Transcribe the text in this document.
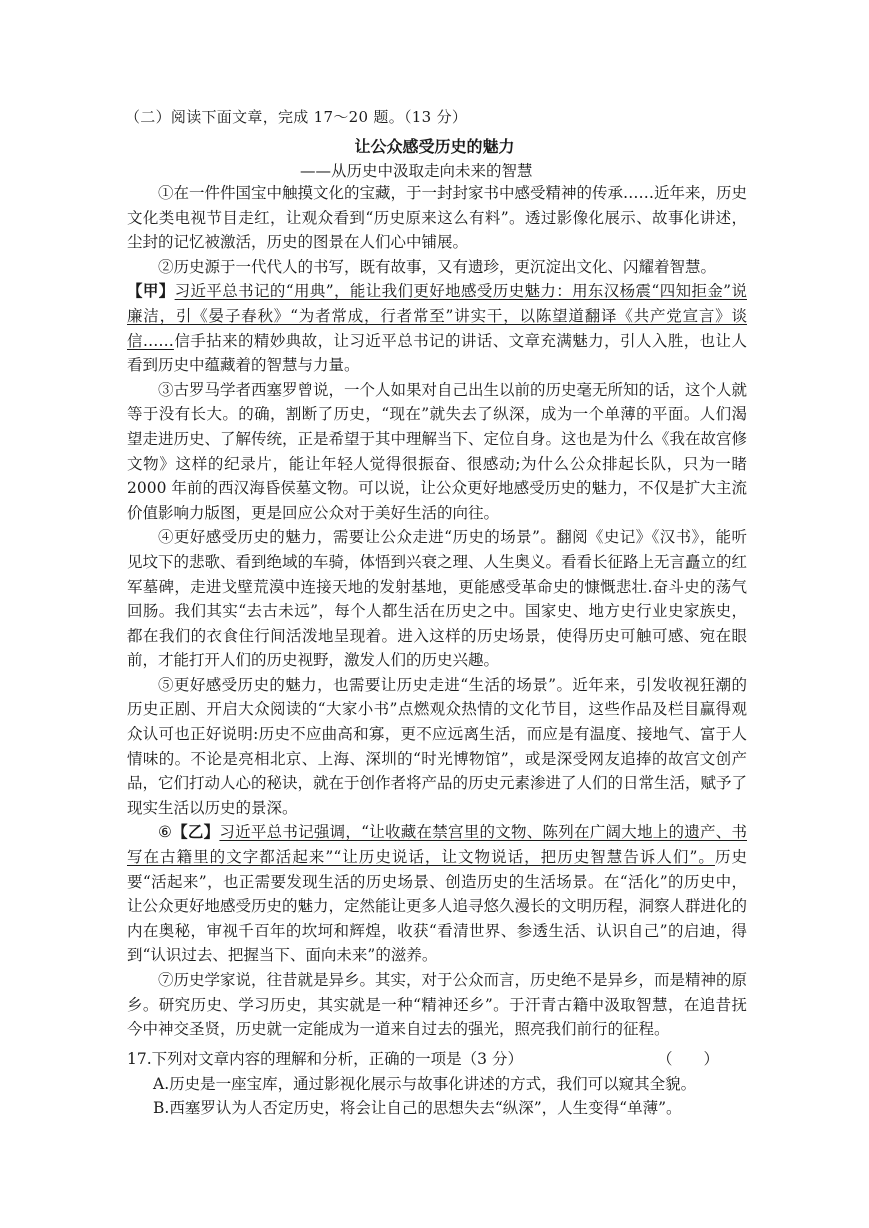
（二）阅读下面文章，完成 17～20 题。（13 分）
让公众感受历史的魅力
——从历史中汲取走向未来的智慧

①在一件件国宝中触摸文化的宝藏，于一封封家书中感受精神的传承……近年来，历史文化类电视节目走红，让观众看到“历史原来这么有料”。透过影像化展示、故事化讲述，尘封的记忆被激活，历史的图景在人们心中铺展。

②历史源于一代代人的书写，既有故事，又有遗珍，更沉淀出文化、闪耀着智慧。

【甲】习近平总书记的“用典”，能让我们更好地感受历史魅力：用东汉杨震“四知拒金”说廉洁，引《晏子春秋》“为者常成，行者常至”讲实干，以陈望道翻译《共产党宣言》谈信……信手拈来的精妙典故，让习近平总书记的讲话、文章充满魅力，引人入胜，也让人看到历史中蕴藏着的智慧与力量。

③古罗马学者西塞罗曾说，一个人如果对自己出生以前的历史毫无所知的话，这个人就等于没有长大。的确，割断了历史，“现在”就失去了纵深，成为一个单薄的平面。人们渴望走进历史、了解传统，正是希望于其中理解当下、定位自身。这也是为什么《我在故宫修文物》这样的纪录片，能让年轻人觉得很振奋、很感动;为什么公众排起长队，只为一睹 2000 年前的西汉海昏侯墓文物。可以说，让公众更好地感受历史的魅力，不仅是扩大主流价值影响力版图，更是回应公众对于美好生活的向往。

④更好感受历史的魅力，需要让公众走进“历史的场景”。翻阅《史记》《汉书》，能听见坟下的悲歌、看到绝域的车骑，体悟到兴衰之理、人生奥义。看看长征路上无言矗立的红军墓碑，走进戈壁荒漠中连接天地的发射基地，更能感受革命史的慷慨悲壮.奋斗史的荡气回肠。我们其实“去古未远”，每个人都生活在历史之中。国家史、地方史行业史家族史，都在我们的衣食住行间活泼地呈现着。进入这样的历史场景，使得历史可触可感、宛在眼前，才能打开人们的历史视野，激发人们的历史兴趣。

⑤更好感受历史的魅力，也需要让历史走进“生活的场景”。近年来，引发收视狂潮的历史正剧、开启大众阅读的“大家小书”点燃观众热情的文化节目，这些作品及栏目赢得观众认可也正好说明:历史不应曲高和寡，更不应远离生活，而应是有温度、接地气、富于人情味的。不论是亮相北京、上海、深圳的“时光博物馆”，或是深受网友追捧的故宫文创产品，它们打动人心的秘诀，就在于创作者将产品的历史元素渗进了人们的日常生活，赋予了现实生活以历史的景深。

⑥【乙】习近平总书记强调，“让收藏在禁宫里的文物、陈列在广阔大地上的遗产、书写在古籍里的文字都活起来”“让历史说话，让文物说话，把历史智慧告诉人们”。历史要“活起来”，也正需要发现生活的历史场景、创造历史的生活场景。在“活化”的历史中，让公众更好地感受历史的魅力，定然能让更多人追寻悠久漫长的文明历程，洞察人群进化的内在奥秘，审视千百年的坎坷和辉煌，收获“看清世界、参透生活、认识自己”的启迪，得到“认识过去、把握当下、面向未来”的滋养。

⑦历史学家说，往昔就是异乡。其实，对于公众而言，历史绝不是异乡，而是精神的原乡。研究历史、学习历史，其实就是一种“精神还乡”。于汗青古籍中汲取智慧，在追昔抚今中神交圣贤，历史就一定能成为一道来自过去的强光，照亮我们前行的征程。

17.下列对文章内容的理解和分析，正确的一项是（3 分）	（　　）
A.历史是一座宝库，通过影视化展示与故事化讲述的方式，我们可以窥其全貌。
B.西塞罗认为人否定历史，将会让自己的思想失去“纵深”，人生变得“单薄”。
